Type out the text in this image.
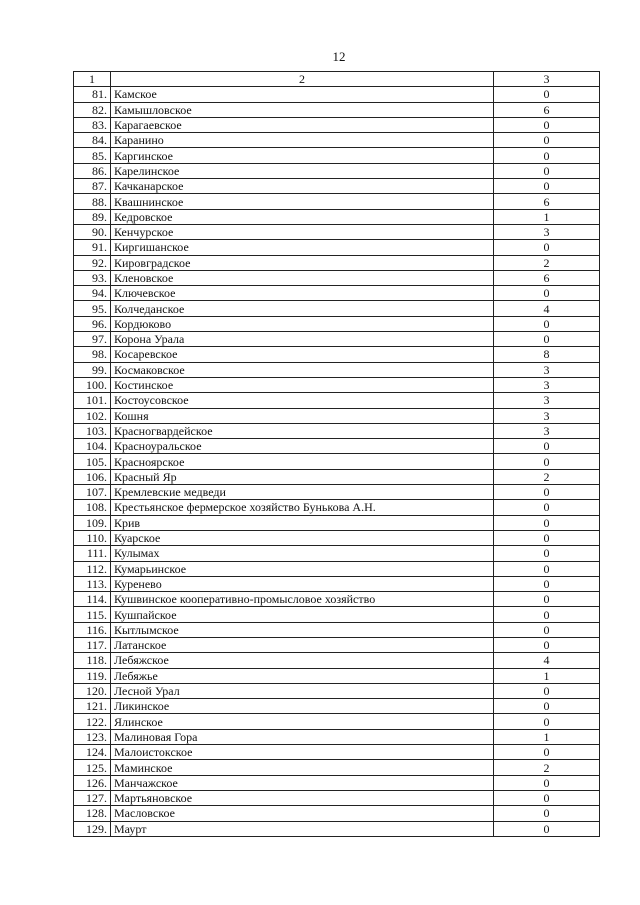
12
1	2	3
81.	Камское	0
82.	Камышловское	6
83.	Карагаевское	0
84.	Каранино	0
85.	Каргинское	0
86.	Карелинское	0
87.	Качканарское	0
88.	Квашнинское	6
89.	Кедровское	1
90.	Кенчурское	3
91.	Киргишанское	0
92.	Кировградское	2
93.	Кленовское	6
94.	Ключевское	0
95.	Колчеданское	4
96.	Кордюково	0
97.	Корона Урала	0
98.	Косаревское	8
99.	Космаковское	3
100.	Костинское	3
101.	Костоусовское	3
102.	Кошня	3
103.	Красногвардейское	3
104.	Красноуральское	0
105.	Красноярское	0
106.	Красный Яр	2
107.	Кремлевские медведи	0
108.	Крестьянское фермерское хозяйство Бунькова А.Н.	0
109.	Крив	0
110.	Куарское	0
111.	Кулымах	0
112.	Кумарьинское	0
113.	Куренево	0
114.	Кушвинское кооперативно-промысловое хозяйство	0
115.	Кушпайское	0
116.	Кытлымское	0
117.	Латанское	0
118.	Лебяжское	4
119.	Лебяжье	1
120.	Лесной Урал	0
121.	Ликинское	0
122.	Ялинское	0
123.	Малиновая Гора	1
124.	Малоистокское	0
125.	Маминское	2
126.	Манчажское	0
127.	Мартьяновское	0
128.	Масловское	0
129.	Маурт	0
